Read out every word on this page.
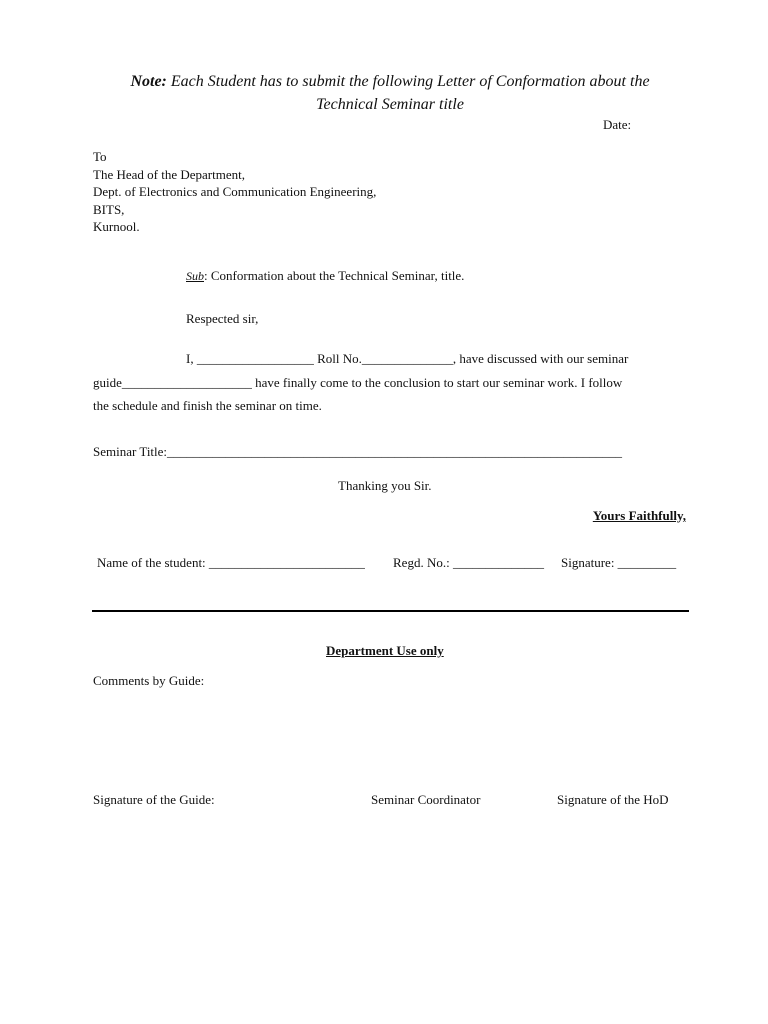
Note: Each Student has to submit the following Letter of Conformation about the
Technical Seminar title
Date:
To
The Head of the Department,
Dept. of Electronics and Communication Engineering,
BITS,
Kurnool.
Sub: Conformation about the Technical Seminar, title.
Respected sir,
I, __________________ Roll No.______________, have discussed with our seminar
guide____________________ have finally come to the conclusion to start our seminar work. I follow
the schedule and finish the seminar on time.
Seminar Title:______________________________________________________________________
Thanking you Sir.
Yours Faithfully,
Name of the student: ________________________ Regd. No.: ______________ Signature: _________
Department Use only
Comments by Guide:
Signature of the Guide:	Seminar Coordinator	Signature of the HoD
